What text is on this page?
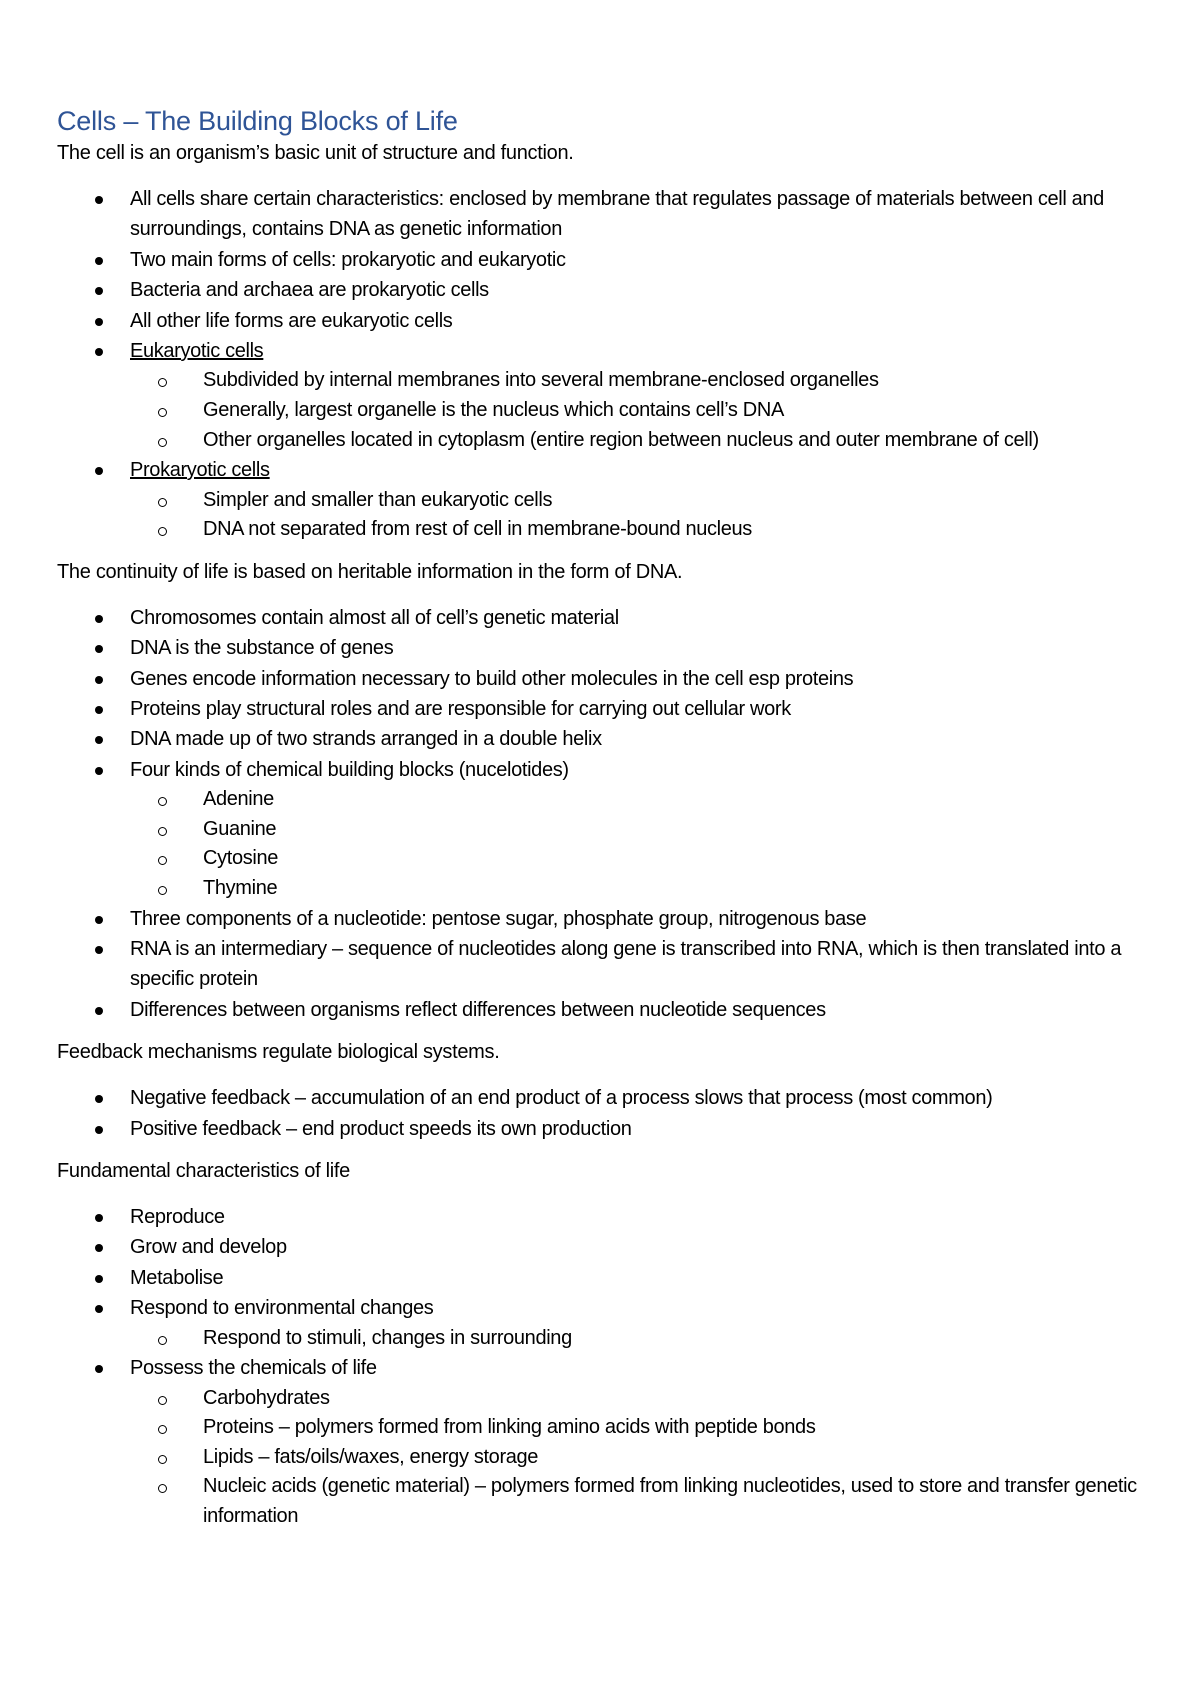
Cells – The Building Blocks of Life

The cell is an organism’s basic unit of structure and function.

All cells share certain characteristics: enclosed by membrane that regulates passage of materials between cell and surroundings, contains DNA as genetic information
Two main forms of cells: prokaryotic and eukaryotic
Bacteria and archaea are prokaryotic cells
All other life forms are eukaryotic cells
Eukaryotic cells
Subdivided by internal membranes into several membrane-enclosed organelles
Generally, largest organelle is the nucleus which contains cell’s DNA
Other organelles located in cytoplasm (entire region between nucleus and outer membrane of cell)
Prokaryotic cells
Simpler and smaller than eukaryotic cells
DNA not separated from rest of cell in membrane-bound nucleus

The continuity of life is based on heritable information in the form of DNA.

Chromosomes contain almost all of cell’s genetic material
DNA is the substance of genes
Genes encode information necessary to build other molecules in the cell esp proteins
Proteins play structural roles and are responsible for carrying out cellular work
DNA made up of two strands arranged in a double helix
Four kinds of chemical building blocks (nucelotides)
Adenine
Guanine
Cytosine
Thymine
Three components of a nucleotide: pentose sugar, phosphate group, nitrogenous base
RNA is an intermediary – sequence of nucleotides along gene is transcribed into RNA, which is then translated into a specific protein
Differences between organisms reflect differences between nucleotide sequences

Feedback mechanisms regulate biological systems.

Negative feedback – accumulation of an end product of a process slows that process (most common)
Positive feedback – end product speeds its own production

Fundamental characteristics of life

Reproduce
Grow and develop
Metabolise
Respond to environmental changes
Respond to stimuli, changes in surrounding
Possess the chemicals of life
Carbohydrates
Proteins – polymers formed from linking amino acids with peptide bonds
Lipids – fats/oils/waxes, energy storage
Nucleic acids (genetic material) – polymers formed from linking nucleotides, used to store and transfer genetic information
